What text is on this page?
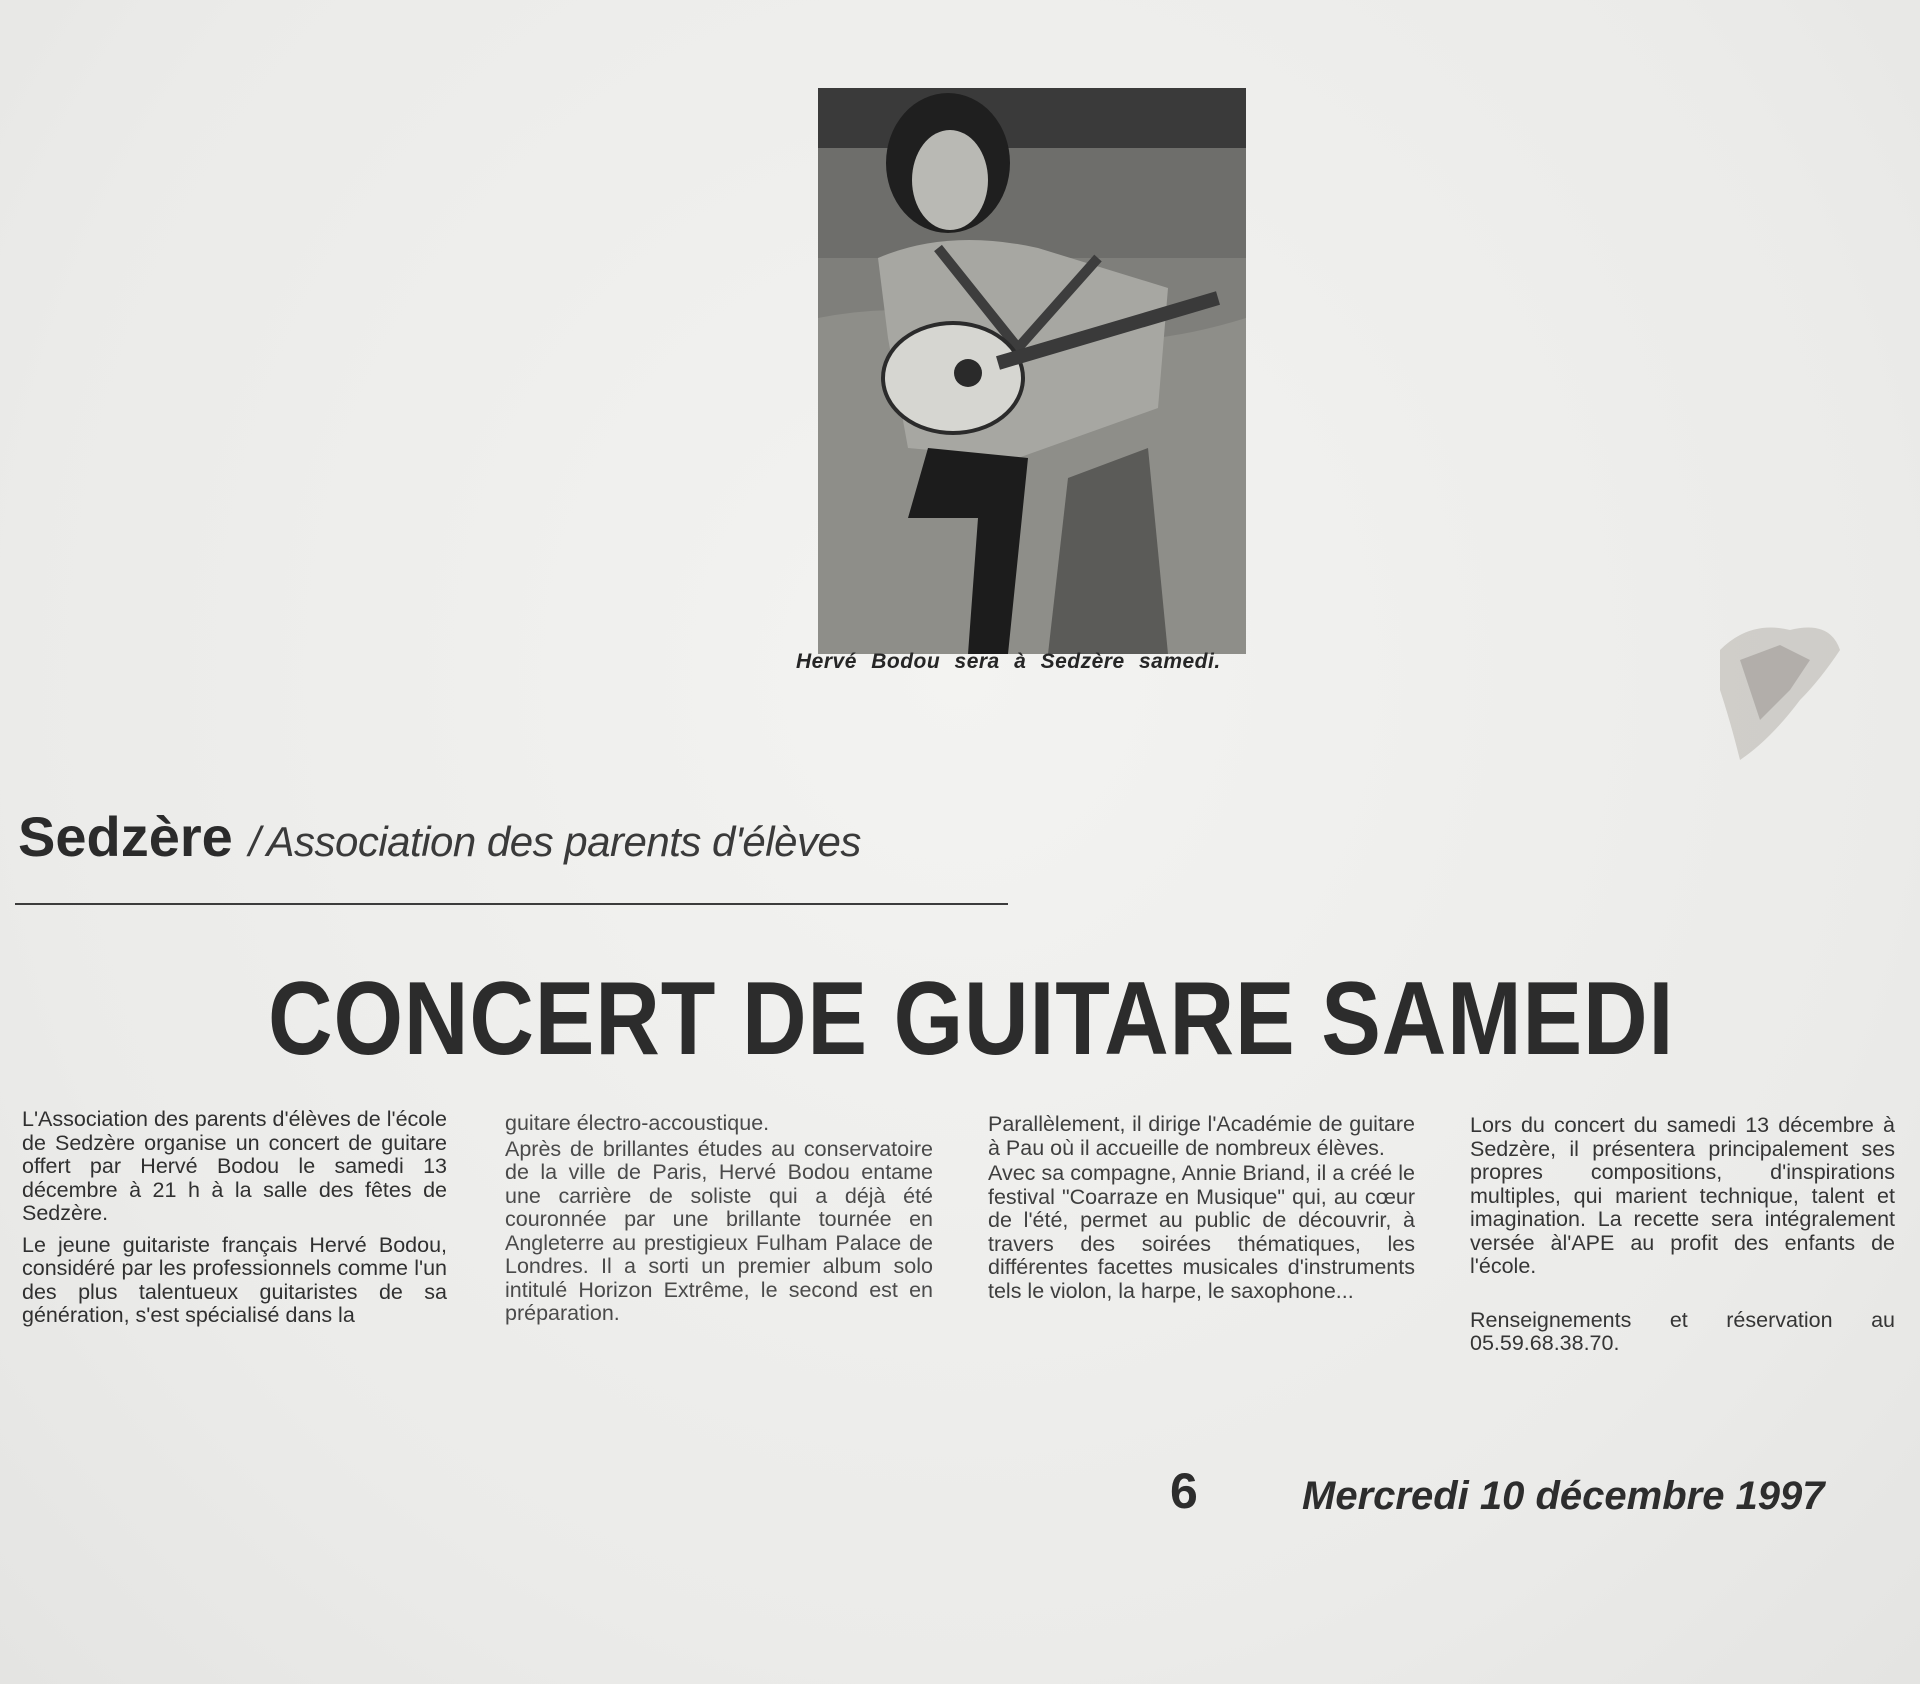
Hervé Bodou sera à Sedzère samedi.
Sedzère / Association des parents d'élèves
CONCERT DE GUITARE SAMEDI

L'Association des parents d'élèves de l'école de Sedzère organise un concert de guitare offert par Hervé Bodou le samedi 13 décembre à 21 h à la salle des fêtes de Sedzère.

Le jeune guitariste français Hervé Bodou, considéré par les professionnels comme l'un des plus talentueux guitaristes de sa génération, s'est spécialisé dans la

guitare électro-accoustique.

Après de brillantes études au conservatoire de la ville de Paris, Hervé Bodou entame une carrière de soliste qui a déjà été couronnée par une brillante tournée en Angleterre au prestigieux Fulham Palace de Londres. Il a sorti un premier album solo intitulé Horizon Extrême, le second est en préparation.

Parallèlement, il dirige l'Académie de guitare à Pau où il accueille de nombreux élèves.

Avec sa compagne, Annie Briand, il a créé le festival "Coarraze en Musique" qui, au cœur de l'été, permet au public de découvrir, à travers des soirées thématiques, les différentes facettes musicales d'instruments tels le violon, la harpe, le saxophone...

Lors du concert du samedi 13 décembre à Sedzère, il présentera principalement ses propres compositions, d'inspirations multiples, qui marient technique, talent et imagination. La recette sera intégralement versée àl'APE au profit des enfants de l'école.

Renseignements et réservation au 05.59.68.38.70.

6	Mercredi 10 décembre 1997
